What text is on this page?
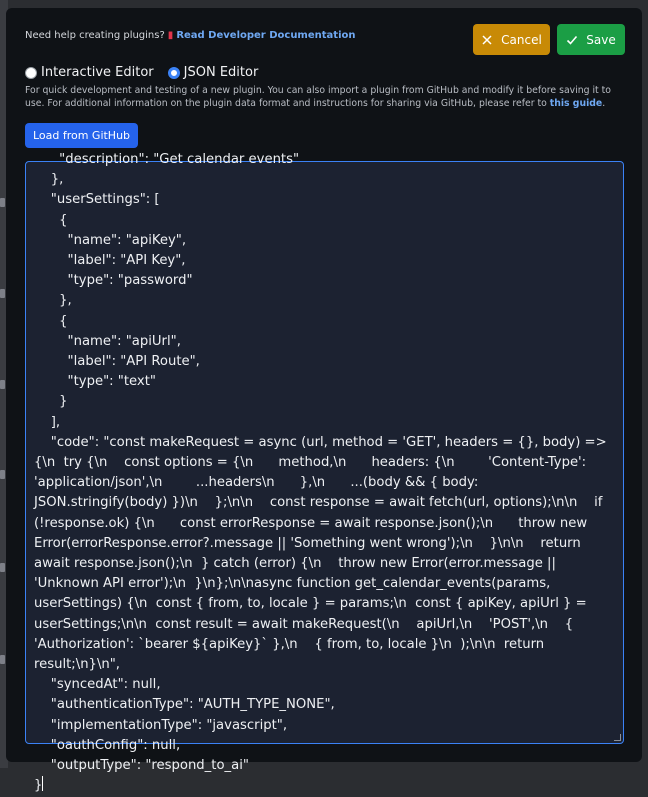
Need help creating plugins? ▮ Read Developer Documentation	Cancel	Save
Interactive Editor JSON Editor
For quick development and testing of a new plugin. You can also import a plugin from GitHub and modify it before saving it to use. For additional information on the plugin data format and instructions for sharing via GitHub, please refer to this guide.
Load from GitHub
"description": "Get calendar events"
},
"userSettings": [
{
"name": "apiKey",
"label": "API Key",
"type": "password"
},
{
"name": "apiUrl",
"label": "API Route",
"type": "text"
}
],
"code": "const makeRequest = async (url, method = 'GET', headers = {}, body) => {\n  try {\n    const options = {\n      method,\n      headers: {\n        'Content-Type': 'application/json',\n        ...headers\n      },\n      ...(body && { body: JSON.stringify(body) })\n    };\n\n    const response = await fetch(url, options);\n\n    if (!response.ok) {\n      const errorResponse = await response.json();\n      throw new Error(errorResponse.error?.message || 'Something went wrong');\n    }\n\n    return await response.json();\n  } catch (error) {\n    throw new Error(error.message || 'Unknown API error');\n  }\n};\n\nasync function get_calendar_events(params, userSettings) {\n  const { from, to, locale } = params;\n  const { apiKey, apiUrl } = userSettings;\n\n  const result = await makeRequest(\n    apiUrl,\n    'POST',\n    { 'Authorization': `bearer ${apiKey}` },\n    { from, to, locale }\n  );\n\n  return result;\n}\n",
"syncedAt": null,
"authenticationType": "AUTH_TYPE_NONE",
"implementationType": "javascript",
"oauthConfig": null,
"outputType": "respond_to_ai"
}
